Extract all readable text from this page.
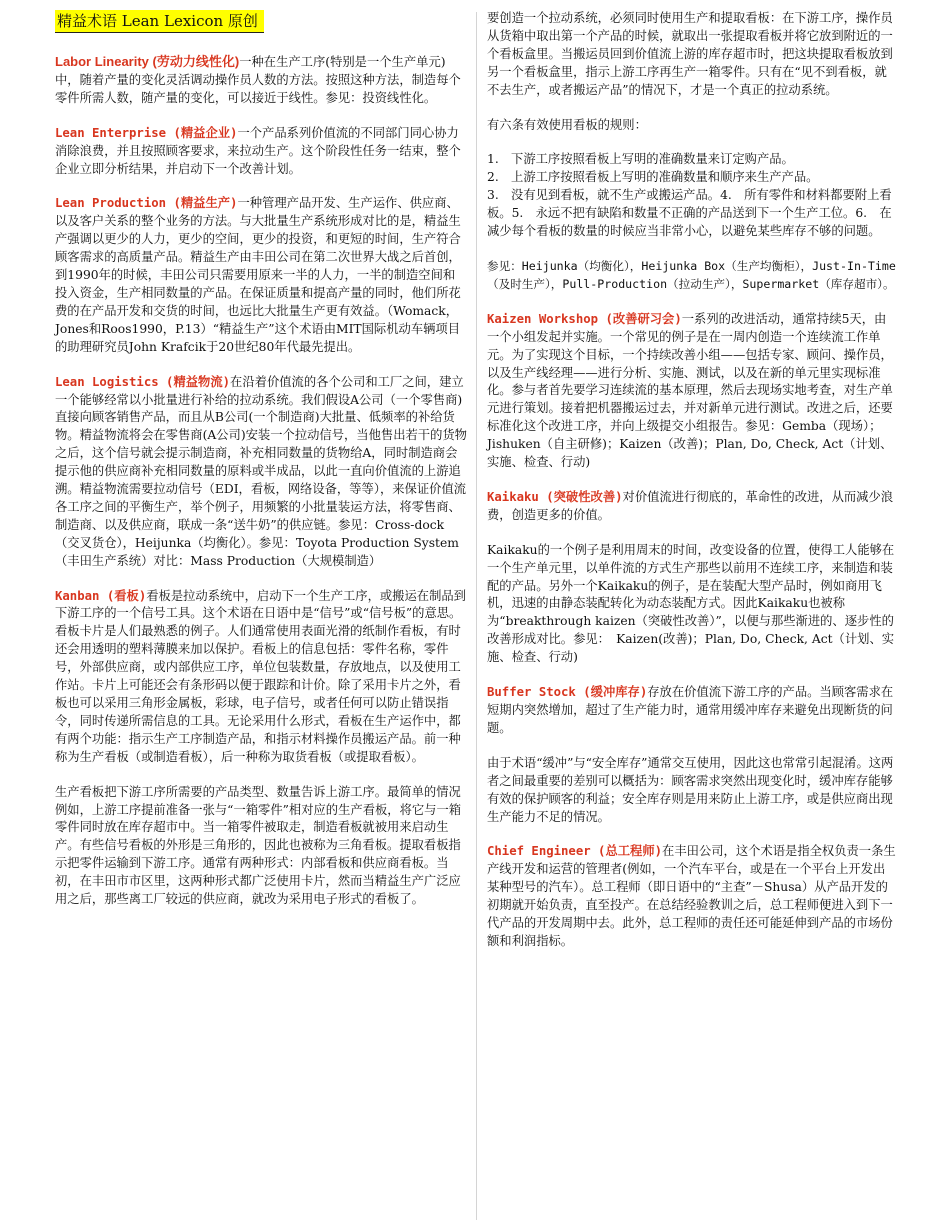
精益术语 Lean Lexicon 原创

Labor Linearity (劳动力线性化)一种在生产工序(特别是一个生产单元)中，随着产量的变化灵活调动操作员人数的方法。按照这种方法，制造每个零件所需人数，随产量的变化，可以接近于线性。参见：投资线性化。

Lean Enterprise (精益企业)一个产品系列价值流的不同部门同心协力消除浪费，并且按照顾客要求，来拉动生产。这个阶段性任务一结束，整个企业立即分析结果，并启动下一个改善计划。

Lean Production (精益生产)一种管理产品开发、生产运作、供应商、以及客户关系的整个业务的方法。与大批量生产系统形成对比的是，精益生产强调以更少的人力，更少的空间，更少的投资，和更短的时间，生产符合顾客需求的高质量产品。精益生产由丰田公司在第二次世界大战之后首创，到1990年的时候，丰田公司只需要用原来一半的人力，一半的制造空间和投入资金，生产相同数量的产品。在保证质量和提高产量的同时，他们所花费的在产品开发和交货的时间，也远比大批量生产更有效益。（Womack，Jones和Roos1990，P.13）“精益生产”这个术语由MIT国际机动车辆项目的助理研究员John Krafcik于20世纪80年代最先提出。

Lean Logistics (精益物流)在沿着价值流的各个公司和工厂之间，建立一个能够经常以小批量进行补给的拉动系统。我们假设A公司（一个零售商)直接向顾客销售产品，而且从B公司(一个制造商)大批量、低频率的补给货物。精益物流将会在零售商(A公司)安装一个拉动信号，当他售出若干的货物之后，这个信号就会提示制造商，补充相同数量的货物给A，同时制造商会提示他的供应商补充相同数量的原料或半成品，以此一直向价值流的上游追溯。精益物流需要拉动信号（EDI，看板，网络设备，等等），来保证价值流各工序之间的平衡生产，举个例子，用频繁的小批量装运方法，将零售商、制造商、以及供应商，联成一条“送牛奶”的供应链。参见：Cross-dock（交叉货仓），Heijunka（均衡化）。参见：Toyota Production System（丰田生产系统）对比：Mass Production（大规模制造）

Kanban (看板)看板是拉动系统中，启动下一个生产工序，或搬运在制品到下游工序的一个信号工具。这个术语在日语中是“信号”或“信号板”的意思。看板卡片是人们最熟悉的例子。人们通常使用表面光滑的纸制作看板，有时还会用透明的塑料薄膜来加以保护。看板上的信息包括：零件名称，零件号，外部供应商，或内部供应工序，单位包装数量，存放地点，以及使用工作站。卡片上可能还会有条形码以便于跟踪和计价。除了采用卡片之外，看板也可以采用三角形金属板，彩球，电子信号，或者任何可以防止错误指令，同时传递所需信息的工具。无论采用什么形式，看板在生产运作中，都有两个功能：指示生产工序制造产品，和指示材料操作员搬运产品。前一种称为生产看板（或制造看板），后一种称为取货看板（或提取看板）。

生产看板把下游工序所需要的产品类型、数量告诉上游工序。最简单的情况例如，上游工序提前准备一张与“一箱零件”相对应的生产看板，将它与一箱零件同时放在库存超市中。当一箱零件被取走，制造看板就被用来启动生产。有些信号看板的外形是三角形的，因此也被称为三角看板。提取看板指示把零件运输到下游工序。通常有两种形式：内部看板和供应商看板。当初，在丰田市市区里，这两种形式都广泛使用卡片，然而当精益生产广泛应用之后，那些离工厂较远的供应商，就改为采用电子形式的看板了。

要创造一个拉动系统，必须同时使用生产和提取看板：在下游工序，操作员从货箱中取出第一个产品的时候，就取出一张提取看板并将它放到附近的一个看板盒里。当搬运员回到价值流上游的库存超市时，把这块提取看板放到另一个看板盒里，指示上游工序再生产一箱零件。只有在“见不到看板，就不去生产，或者搬运产品”的情况下，才是一个真正的拉动系统。

有六条有效使用看板的规则：

1.　下游工序按照看板上写明的准确数量来订定购产品。
2.　上游工序按照看板上写明的准确数量和顺序来生产产品。
3.　没有见到看板，就不生产或搬运产品。4.　所有零件和材料都要附上看板。5.　永远不把有缺陷和数量不正确的产品送到下一个生产工位。6.　在减少每个看板的数量的时候应当非常小心，以避免某些库存不够的问题。

参见：Heijunka（均衡化），Heijunka Box（生产均衡柜），Just-In-Time（及时生产），Pull-Production（拉动生产），Supermarket（库存超市）。

Kaizen Workshop (改善研习会)一系列的改进活动，通常持续5天，由一个小组发起并实施。一个常见的例子是在一周内创造一个连续流工作单元。为了实现这个目标，一个持续改善小组——包括专家、顾问、操作员，以及生产线经理——进行分析、实施、测试，以及在新的单元里实现标准化。参与者首先要学习连续流的基本原理，然后去现场实地考查，对生产单元进行策划。接着把机器搬运过去，并对新单元进行测试。改进之后，还要标准化这个改进工序，并向上级提交小组报告。参见：Gemba（现场）；Jishuken（自主研修)；Kaizen（改善)；Plan, Do, Check, Act（计划、实施、检查、行动)

Kaikaku (突破性改善)对价值流进行彻底的，革命性的改进，从而减少浪费，创造更多的价值。

Kaikaku的一个例子是利用周末的时间，改变设备的位置，使得工人能够在一个生产单元里，以单件流的方式生产那些以前用不连续工序，来制造和装配的产品。另外一个Kaikaku的例子，是在装配大型产品时，例如商用飞机，迅速的由静态装配转化为动态装配方式。因此Kaikaku也被称为“breakthrough kaizen（突破性改善）”，以便与那些渐进的、逐步性的改善形成对比。参见：　Kaizen(改善)；Plan, Do, Check, Act（计划、实施、检查、行动)

Buffer Stock (缓冲库存)存放在价值流下游工序的产品。当顾客需求在短期内突然增加，超过了生产能力时，通常用缓冲库存来避免出现断货的问题。

由于术语“缓冲”与“安全库存”通常交互使用，因此这也常常引起混淆。这两者之间最重要的差别可以概括为：顾客需求突然出现变化时，缓冲库存能够有效的保护顾客的利益；安全库存则是用来防止上游工序，或是供应商出现生产能力不足的情况。

Chief Engineer (总工程师)在丰田公司，这个术语是指全权负责一条生产线开发和运营的管理者(例如，一个汽车平台，或是在一个平台上开发出某种型号的汽车）。总工程师（即日语中的“主查”－Shusa）从产品开发的初期就开始负责，直至投产。在总结经验教训之后，总工程师便进入到下一代产品的开发周期中去。此外，总工程师的责任还可能延伸到产品的市场份额和利润指标。
